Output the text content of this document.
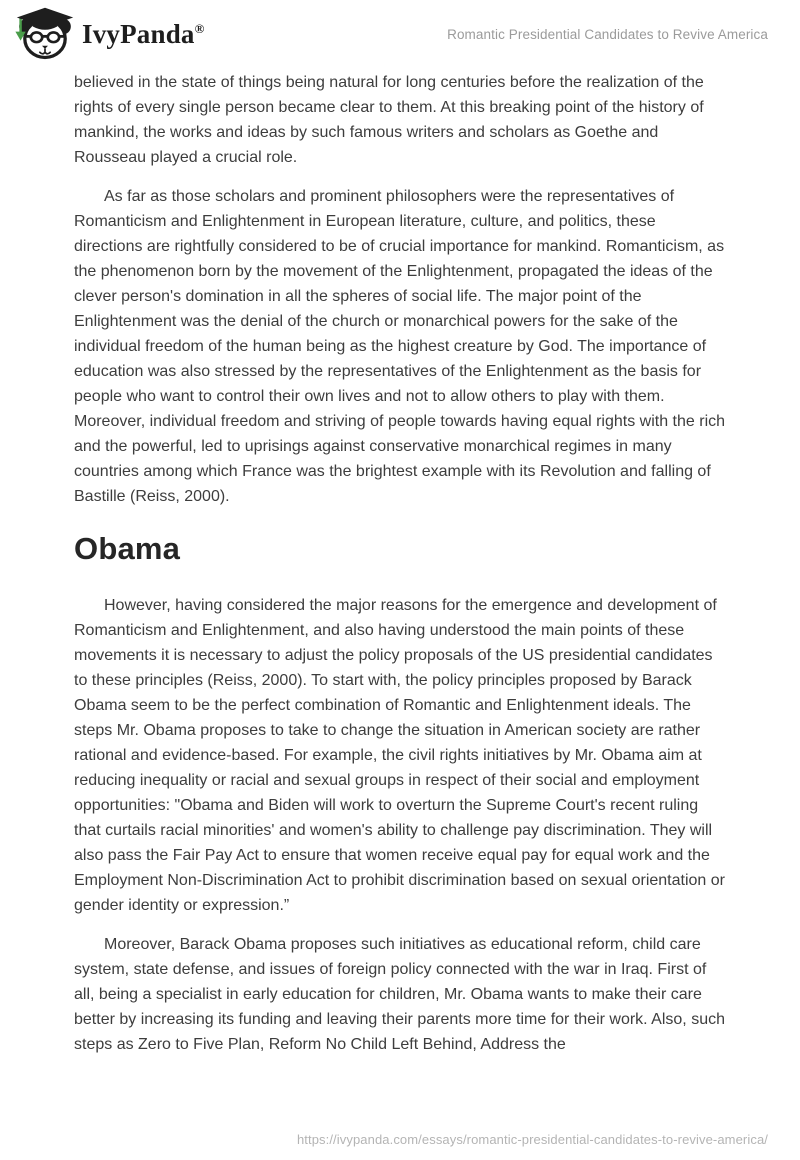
IvyPanda®	Romantic Presidential Candidates to Revive America

believed in the state of things being natural for long centuries before the realization of the rights of every single person became clear to them. At this breaking point of the history of mankind, the works and ideas by such famous writers and scholars as Goethe and Rousseau played a crucial role.

As far as those scholars and prominent philosophers were the representatives of Romanticism and Enlightenment in European literature, culture, and politics, these directions are rightfully considered to be of crucial importance for mankind. Romanticism, as the phenomenon born by the movement of the Enlightenment, propagated the ideas of the clever person's domination in all the spheres of social life. The major point of the Enlightenment was the denial of the church or monarchical powers for the sake of the individual freedom of the human being as the highest creature by God. The importance of education was also stressed by the representatives of the Enlightenment as the basis for people who want to control their own lives and not to allow others to play with them. Moreover, individual freedom and striving of people towards having equal rights with the rich and the powerful, led to uprisings against conservative monarchical regimes in many countries among which France was the brightest example with its Revolution and falling of Bastille (Reiss, 2000).

Obama

However, having considered the major reasons for the emergence and development of Romanticism and Enlightenment, and also having understood the main points of these movements it is necessary to adjust the policy proposals of the US presidential candidates to these principles (Reiss, 2000). To start with, the policy principles proposed by Barack Obama seem to be the perfect combination of Romantic and Enlightenment ideals. The steps Mr. Obama proposes to take to change the situation in American society are rather rational and evidence-based. For example, the civil rights initiatives by Mr. Obama aim at reducing inequality or racial and sexual groups in respect of their social and employment opportunities: "Obama and Biden will work to overturn the Supreme Court's recent ruling that curtails racial minorities' and women's ability to challenge pay discrimination. They will also pass the Fair Pay Act to ensure that women receive equal pay for equal work and the Employment Non-Discrimination Act to prohibit discrimination based on sexual orientation or gender identity or expression.”

Moreover, Barack Obama proposes such initiatives as educational reform, child care system, state defense, and issues of foreign policy connected with the war in Iraq. First of all, being a specialist in early education for children, Mr. Obama wants to make their care better by increasing its funding and leaving their parents more time for their work. Also, such steps as Zero to Five Plan, Reform No Child Left Behind, Address the

https://ivypanda.com/essays/romantic-presidential-candidates-to-revive-america/
